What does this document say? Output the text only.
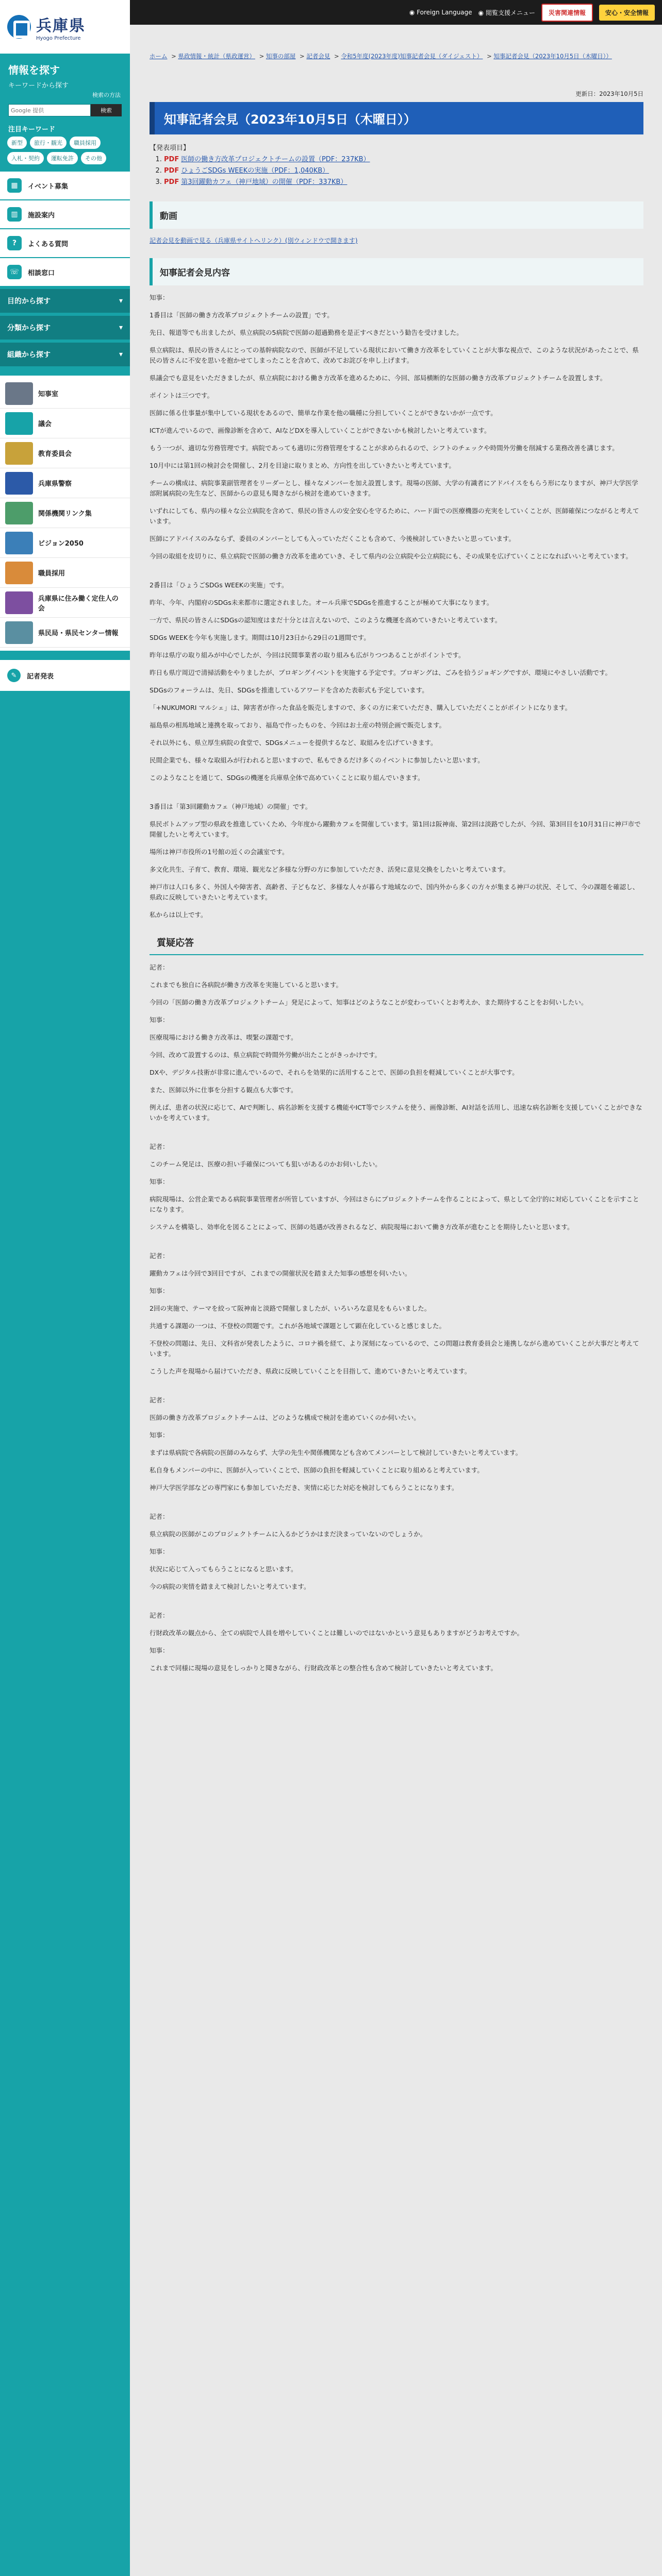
兵庫県
Hyogo Prefecture
情報を探す
キーワードから探す
検索の方法
Google 提供
検索
注目キーワード
新型	旅行・観光	職員採用
入札・契約	運転免許	その他
▦	イベント募集
▥	施設案内
?	よくある質問
☏	相談窓口
目的から探す	▾
分類から探す	▾
組織から探す	▾
知事室
議会
教育委員会
兵庫県警察
関係機関リンク集
ビジョン2050
職員採用
兵庫県に住み働く定住人の会
県民局・県民センター情報
✎	記者発表
◉ Foreign Language ◉ 閲覧支援メニュー	災害関連情報	安心・安全情報
ホーム > 県政情報・統計（県政運営） > 知事の部屋 > 記者会見 > 令和5年度(2023年度)知事記者会見（ダイジェスト） > 知事記者会見（2023年10月5日（木曜日））
更新日：2023年10月5日
知事記者会見（2023年10月5日（木曜日））
【発表項目】
1. PDF 医師の働き方改革プロジェクトチームの設置（PDF：237KB）
2. PDF ひょうごSDGs WEEKの実施（PDF：1,040KB）
3. PDF 第3回躍動カフェ（神戸地域）の開催（PDF：337KB）
動画
記者会見を動画で見る（兵庫県サイトへリンク）(別ウィンドウで開きます)
知事記者会見内容

知事：

1番目は「医師の働き方改革プロジェクトチームの設置」です。

先日、報道等でも出ましたが、県立病院の5病院で医師の超過勤務を是正すべきだという勧告を受けました。

県立病院は、県民の皆さんにとっての基幹病院なので、医師が不足している現状において働き方改革をしていくことが大事な視点で、このような状況があったことで、県民の皆さんに不安を思いを抱かせてしまったことを含めて、改めてお詫びを申し上げます。

県議会でも意見をいただきましたが、県立病院における働き方改革を進めるために、今回、部局横断的な医師の働き方改革プロジェクトチームを設置します。

ポイントは三つです。

医師に係る仕事量が集中している現状をあるので、簡単な作業を他の職種に分担していくことができないかが一点です。

ICTが進んでいるので、画像診断を含めて、AIなどDXを導入していくことができないかも検討したいと考えています。

もう一つが、適切な労務管理です。病院であっても適切に労務管理をすることが求められるので、シフトのチェックや時間外労働を削減する業務改善を講じます。

10月中には第1回の検討会を開催し、2月を目途に取りまとめ、方向性を出していきたいと考えています。

チームの構成は、病院事業副管理者をリーダーとし、様々なメンバーを加え設置します。現場の医師、大学の有識者にアドバイスをもらう形になりますが、神戸大学医学部附属病院の先生など、医師からの意見も聞きながら検討を進めていきます。

いずれにしても、県内の様々な公立病院を含めて、県民の皆さんの安全安心を守るために、ハード面での医療機器の充実をしていくことが、医師確保につながると考えています。

医師にアドバイスのみならず、委員のメンバーとしても入っていただくことも含めて、今後検討していきたいと思っています。

今回の取組を皮切りに、県立病院で医師の働き方改革を進めていき、そして県内の公立病院や公立病院にも、その成果を広げていくことになればいいと考えています。

2番目は「ひょうごSDGs WEEKの実施」です。

昨年、今年、内閣府のSDGs未来都市に選定されました。オール兵庫でSDGsを推進することが極めて大事になります。

一方で、県民の皆さんにSDGsの認知度はまだ十分とは言えないので、このような機運を高めていきたいと考えています。

SDGs WEEKを今年も実施します。期間は10月23日から29日の1週間です。

昨年は県庁の取り組みが中心でしたが、今回は民間事業者の取り組みも広がりつつあることがポイントです。

昨日も県庁周辺で清掃活動をやりましたが、プロギングイベントを実施する予定です。プロギングは、ごみを拾うジョギングですが、環境にやさしい活動です。

SDGsのフォーラムは、先日、SDGsを推進しているアワードを含めた表彰式も予定しています。

「+NUKUMORI マルシェ」は、障害者が作った食品を販売しますので、多くの方に来ていただき、購入していただくことがポイントになります。

福島県の相馬地域と連携を取っており、福島で作ったものを、今回はお土産の特別企画で販売します。

それ以外にも、県立厚生病院の食堂で、SDGsメニューを提供するなど、取組みを広げていきます。

民間企業でも、様々な取組みが行われると思いますので、私もできるだけ多くのイベントに参加したいと思います。

このようなことを通じて、SDGsの機運を兵庫県全体で高めていくことに取り組んでいきます。

3番目は「第3回躍動カフェ（神戸地域）の開催」です。

県民ボトムアップ型の県政を推進していくため、今年度から躍動カフェを開催しています。第1回は阪神南、第2回は淡路でしたが、今回、第3回目を10月31日に神戸市で開催したいと考えています。

場所は神戸市役所の1号館の近くの会議室です。

多文化共生、子育て、教育、環境、観光など多様な分野の方に参加していただき、活発に意見交換をしたいと考えています。

神戸市は人口も多く、外国人や障害者、高齢者、子どもなど、多様な人々が暮らす地域なので、国内外から多くの方々が集まる神戸の状況、そして、今の課題を確認し、県政に反映していきたいと考えています。

私からは以上です。

質疑応答

記者：

これまでも独自に各病院が働き方改革を実施していると思います。

今回の「医師の働き方改革プロジェクトチーム」発足によって、知事はどのようなことが変わっていくとお考えか、また期待することをお伺いしたい。

知事：

医療現場における働き方改革は、喫緊の課題です。

今回、改めて設置するのは、県立病院で時間外労働が出たことがきっかけです。

DXや、デジタル技術が非常に進んでいるので、それらを効果的に活用することで、医師の負担を軽減していくことが大事です。

また、医師以外に仕事を分担する観点も大事です。

例えば、患者の状況に応じて、AIで判断し、病名診断を支援する機能やICT等でシステムを使う、画像診断、AI対話を活用し、迅速な病名診断を支援していくことができないかを考えています。

記者：

このチーム発足は、医療の担い手確保についても狙いがあるのかお伺いしたい。

知事：

病院現場は、公営企業である病院事業管理者が所管していますが、今回はさらにプロジェクトチームを作ることによって、県として全庁的に対応していくことを示すことになります。

システムを構築し、効率化を図ることによって、医師の処遇が改善されるなど、病院現場において働き方改革が進むことを期待したいと思います。

記者：

躍動カフェは今回で3回目ですが、これまでの開催状況を踏まえた知事の感想を伺いたい。

知事：

2回の実施で、テーマを絞って阪神南と淡路で開催しましたが、いろいろな意見をもらいました。

共通する課題の一つは、不登校の問題です。これが各地域で課題として顕在化していると感じました。

不登校の問題は、先日、文科省が発表したように、コロナ禍を経て、より深刻になっているので、この問題は教育委員会と連携しながら進めていくことが大事だと考えています。

こうした声を現場から届けていただき、県政に反映していくことを目指して、進めていきたいと考えています。

記者：

医師の働き方改革プロジェクトチームは、どのような構成で検討を進めていくのか伺いたい。

知事：

まずは県病院で各病院の医師のみならず、大学の先生や関係機関なども含めてメンバーとして検討していきたいと考えています。

私自身もメンバーの中に、医師が入っていくことで、医師の負担を軽減していくことに取り組めると考えています。

神戸大学医学部などの専門家にも参加していただき、実情に応じた対応を検討してもらうことになります。

記者：

県立病院の医師がこのプロジェクトチームに入るかどうかはまだ決まっていないのでしょうか。

知事：

状況に応じて入ってもらうことになると思います。

今の病院の実情を踏まえて検討したいと考えています。

記者：

行財政改革の観点から、全ての病院で人員を増やしていくことは難しいのではないかという意見もありますがどうお考えですか。

知事：

これまで同様に現場の意見をしっかりと聞きながら、行財政改革との整合性も含めて検討していきたいと考えています。
